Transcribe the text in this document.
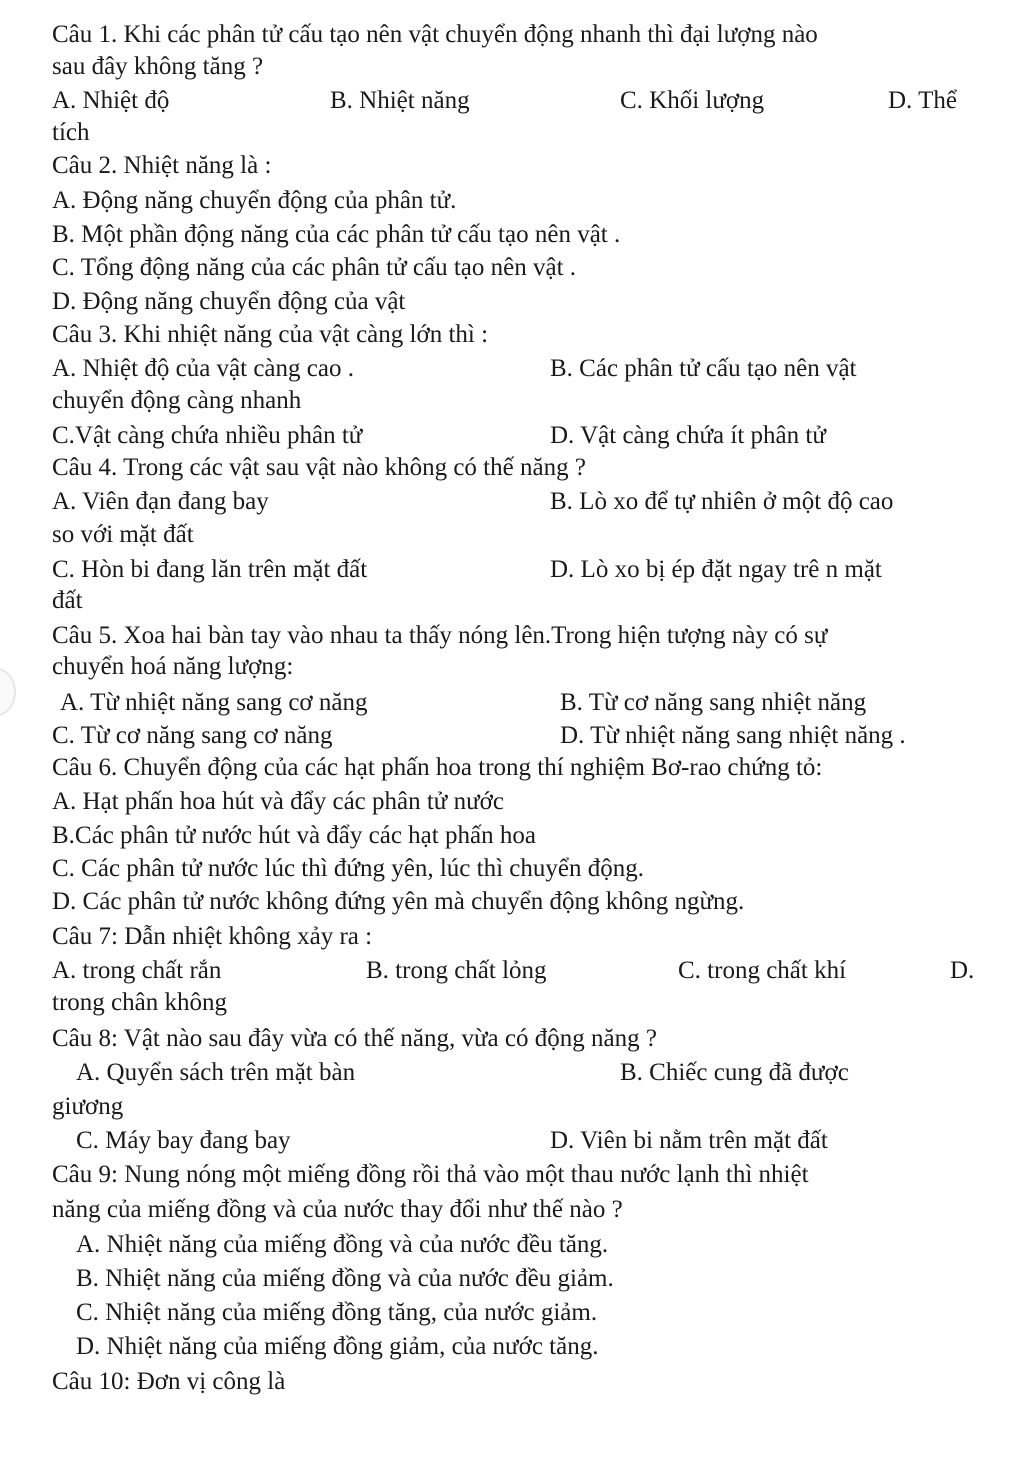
Câu 1. Khi các phân tử cấu tạo nên vật chuyển động nhanh thì đại lượng nào
sau đây không tăng ?
A. Nhiệt độ	B. Nhiệt năng	C. Khối lượng	D. Thể
tích
Câu 2. Nhiệt năng là :
A. Động năng chuyển động của phân tử.
B. Một phần động năng của các phân tử cấu tạo nên vật .
C. Tổng động năng của các phân tử cấu tạo nên vật .
D. Động năng chuyển động của vật
Câu 3. Khi nhiệt năng của vật càng lớn thì :
A. Nhiệt độ của vật càng cao .	B. Các phân tử cấu tạo nên vật
chuyển động càng nhanh
C.Vật càng chứa nhiều phân tử	D. Vật càng chứa ít phân tử
Câu 4. Trong các vật sau vật nào không có thế năng ?
A. Viên đạn đang bay	B. Lò xo để tự nhiên ở một độ cao
so với mặt đất
C. Hòn bi đang lăn trên mặt đất	D. Lò xo bị ép đặt ngay trê n mặt
đất
Câu 5. Xoa hai bàn tay vào nhau ta thấy nóng lên.Trong hiện tượng này có sự
chuyển hoá năng lượng:
A. Từ nhiệt năng sang cơ năng	B. Từ cơ năng sang nhiệt năng
C. Từ cơ năng sang cơ năng	D. Từ nhiệt năng sang nhiệt năng .
Câu 6. Chuyển động của các hạt phấn hoa trong thí nghiệm Bơ-rao chứng tỏ:
A. Hạt phấn hoa hút và đẩy các phân tử nước
B.Các phân tử nước hút và đẩy các hạt phấn hoa
C. Các phân tử nước lúc thì đứng yên, lúc thì chuyển động.
D. Các phân tử nước không đứng yên mà chuyển động không ngừng.
Câu 7: Dẫn nhiệt không xảy ra :
A. trong chất rắn	B. trong chất lỏng	C. trong chất khí	D.
trong chân không
Câu 8: Vật nào sau đây vừa có thế năng, vừa có động năng ?
A. Quyển sách trên mặt bàn	B. Chiếc cung đã được
giương
C. Máy bay đang bay	D. Viên bi nằm trên mặt đất
Câu 9: Nung nóng một miếng đồng rồi thả vào một thau nước lạnh thì nhiệt
năng của miếng đồng và của nước thay đổi như thế nào ?
A. Nhiệt năng của miếng đồng và của nước đều tăng.
B. Nhiệt năng của miếng đồng và của nước đều giảm.
C. Nhiệt năng của miếng đồng tăng, của nước giảm.
D. Nhiệt năng của miếng đồng giảm, của nước tăng.
Câu 10: Đơn vị công là
